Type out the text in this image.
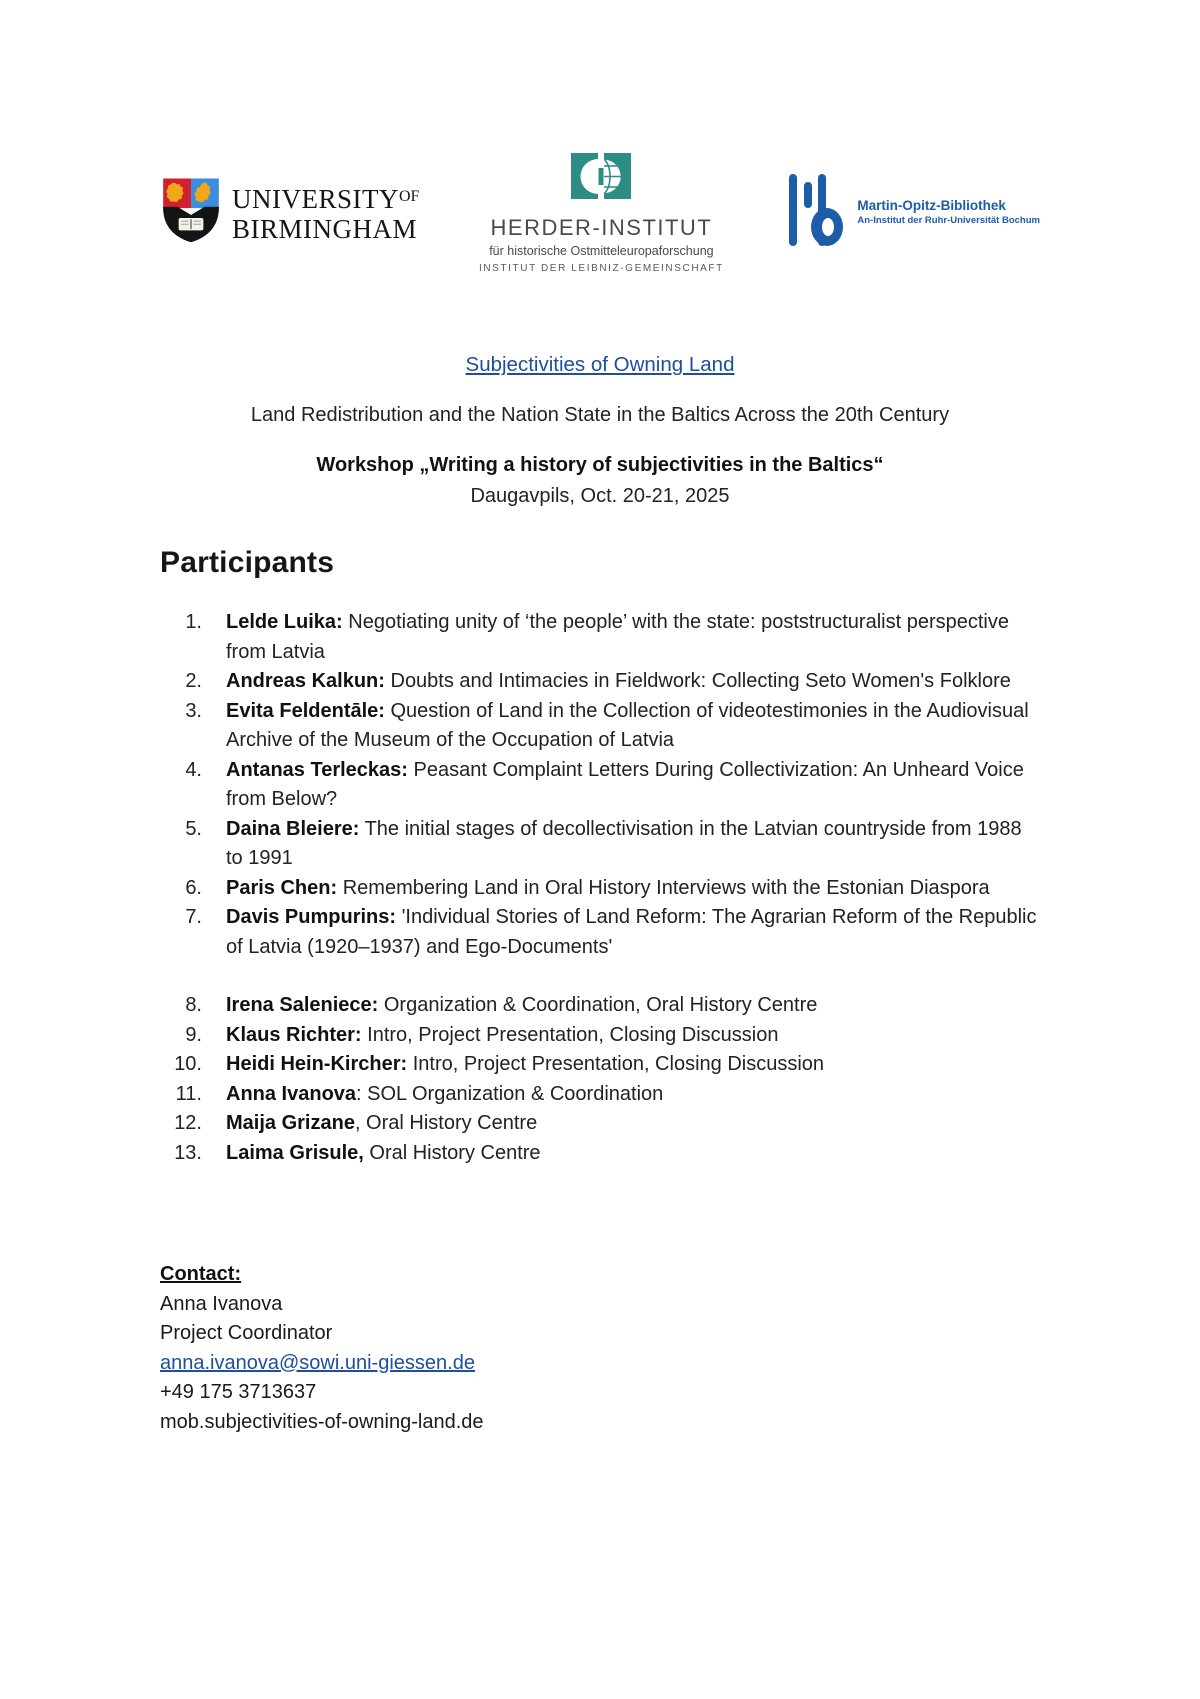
$UNIVERSITY^{OF}$
BIRMINGHAM	HERDER-INSTITUT
für historische Ostmitteleuropaforschung
INSTITUT DER LEIBNIZ-GEMEINSCHAFT
Martin-Opitz-Bibliothek
An-Institut der Ruhr-Universität Bochum
Subjectivities of Owning Land

Land Redistribution and the Nation State in the Baltics Across the 20th Century

Workshop „Writing a history of subjectivities in the Baltics“

Daugavpils, Oct. 20-21, 2025

Participants
1. Lelde Luika: Negotiating unity of ‘the people’ with the state: poststructuralist perspective from Latvia
2. Andreas Kalkun: Doubts and Intimacies in Fieldwork: Collecting Seto Women's Folklore
3. Evita Feldentāle: Question of Land in the Collection of videotestimonies in the Audiovisual Archive of the Museum of the Occupation of Latvia
4. Antanas Terleckas: Peasant Complaint Letters During Collectivization: An Unheard Voice from Below?
5. Daina Bleiere: The initial stages of decollectivisation in the Latvian countryside from 1988 to 1991
6. Paris Chen: Remembering Land in Oral History Interviews with the Estonian Diaspora
7. Davis Pumpurins: 'Individual Stories of Land Reform: The Agrarian Reform of the Republic of Latvia (1920–1937) and Ego-Documents'
8. Irena Saleniece: Organization & Coordination, Oral History Centre
9. Klaus Richter: Intro, Project Presentation, Closing Discussion
10. Heidi Hein-Kircher: Intro, Project Presentation, Closing Discussion
11. Anna Ivanova: SOL Organization & Coordination
12. Maija Grizane, Oral History Centre
13. Laima Grisule, Oral History Centre
Contact:
Anna Ivanova
Project Coordinator
anna.ivanova@sowi.uni-giessen.de
+49 175 3713637
mob.subjectivities-of-owning-land.de
